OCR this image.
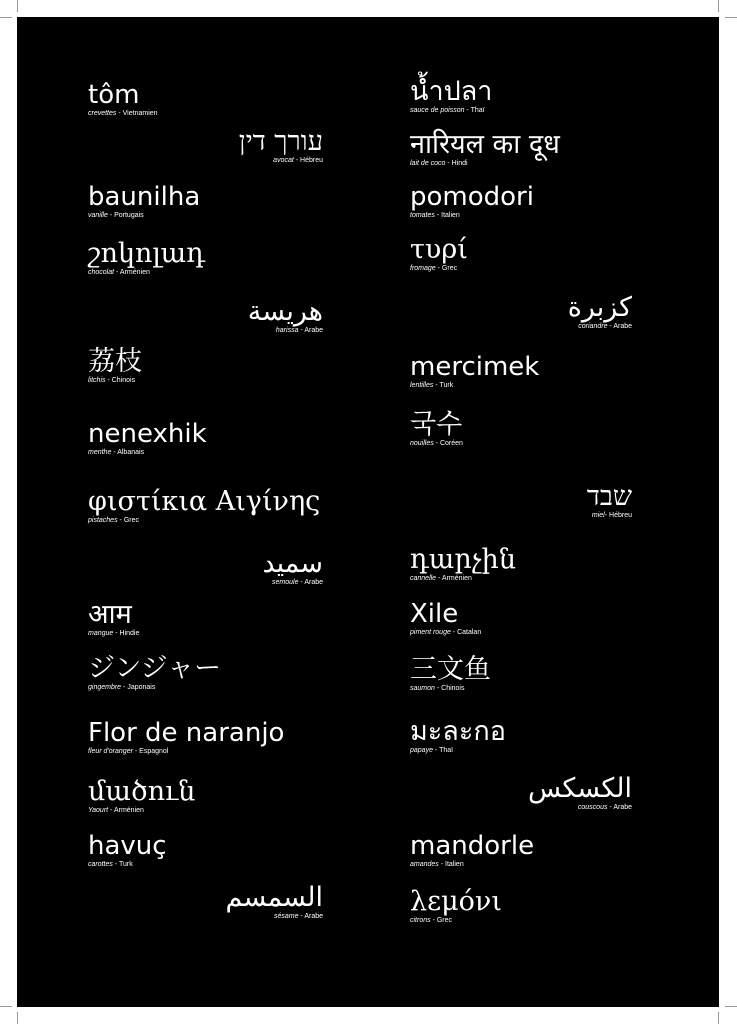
tôm
crevettes - Vietnamien
עורך דין
avocat - Hébreu
baunilha
vanille - Portugais
շոկոլադ
chocolat - Arménien
هريسة
harissa - Arabe
荔枝
litchis - Chinois
nenexhik
menthe - Albanais
φιστίκια Αιγίνης
pistaches - Grec
سميد
semoule - Arabe
आम
mangue - Hindie
ジンジャー
gingembre - Japonais
Flor de naranjo
fleur d'oranger - Espagnol
մածուն
Yaourt - Arménien
havuç
carottes - Turk
السمسم
sésame - Arabe
น้ำปลา
sauce de poisson - Thaï
नारियल का दूध
lait de coco - Hindi
pomodori
tomates - Italien
τυρί
fromage - Grec
كزبرة
coriandre - Arabe
mercimek
lentilles - Turk
국수
nouilles - Coréen
שבד
miel- Hébreu
դարչին
cannelle - Arménien
Xile
piment rouge - Catalan
三文鱼
saumon - Chinois
มะละกอ
papaye - Thaï
الكسكس
couscous - Arabe
mandorle
amandes - Italien
λεμόνι
citrons - Grec
